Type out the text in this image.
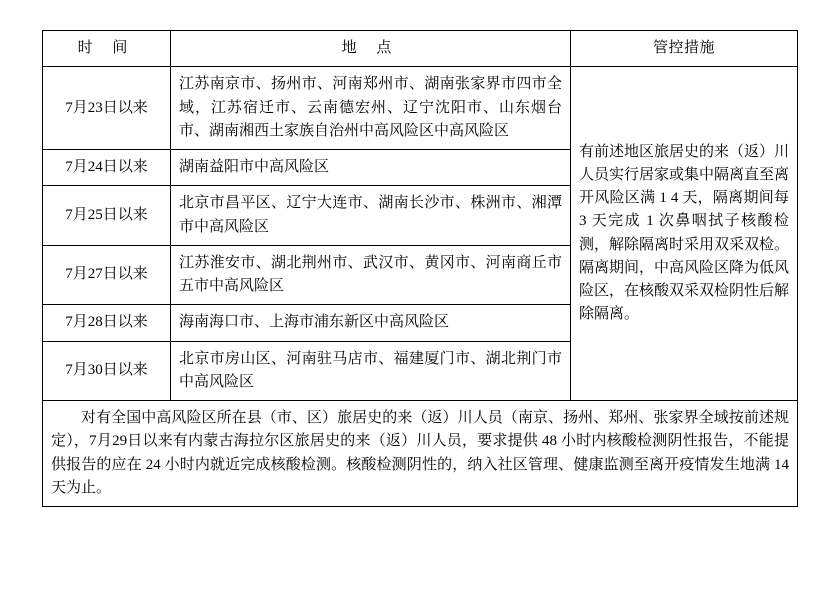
时 间	地 点	管控措施
7月23日以来	江苏南京市、扬州市、河南郑州市、湖南张家界市四市全域，江苏宿迁市、云南德宏州、辽宁沈阳市、山东烟台市、湖南湘西土家族自治州中高风险区中高风险区	有前述地区旅居史的来（返）川人员实行居家或集中隔离直至离开风险区满 1 4 天，隔离期间每 3 天完成 1 次鼻咽拭子核酸检测，解除隔离时采用双采双检。隔离期间，中高风险区降为低风险区，在核酸双采双检阴性后解除隔离。
7月24日以来	湖南益阳市中高风险区	
7月25日以来	北京市昌平区、辽宁大连市、湖南长沙市、株洲市、湘潭市中高风险区	
7月27日以来	江苏淮安市、湖北荆州市、武汉市、黄冈市、河南商丘市五市中高风险区	
7月28日以来	海南海口市、上海市浦东新区中高风险区	
7月30日以来	北京市房山区、河南驻马店市、福建厦门市、湖北荆门市中高风险区	

对有全国中高风险区所在县（市、区）旅居史的来（返）川人员（南京、扬州、郑州、张家界全域按前述规定），7月29日以来有内蒙古海拉尔区旅居史的来（返）川人员，要求提供 48 小时内核酸检测阴性报告，不能提供报告的应在 24 小时内就近完成核酸检测。核酸检测阴性的，纳入社区管理、健康监测至离开疫情发生地满 14 天为止。		
